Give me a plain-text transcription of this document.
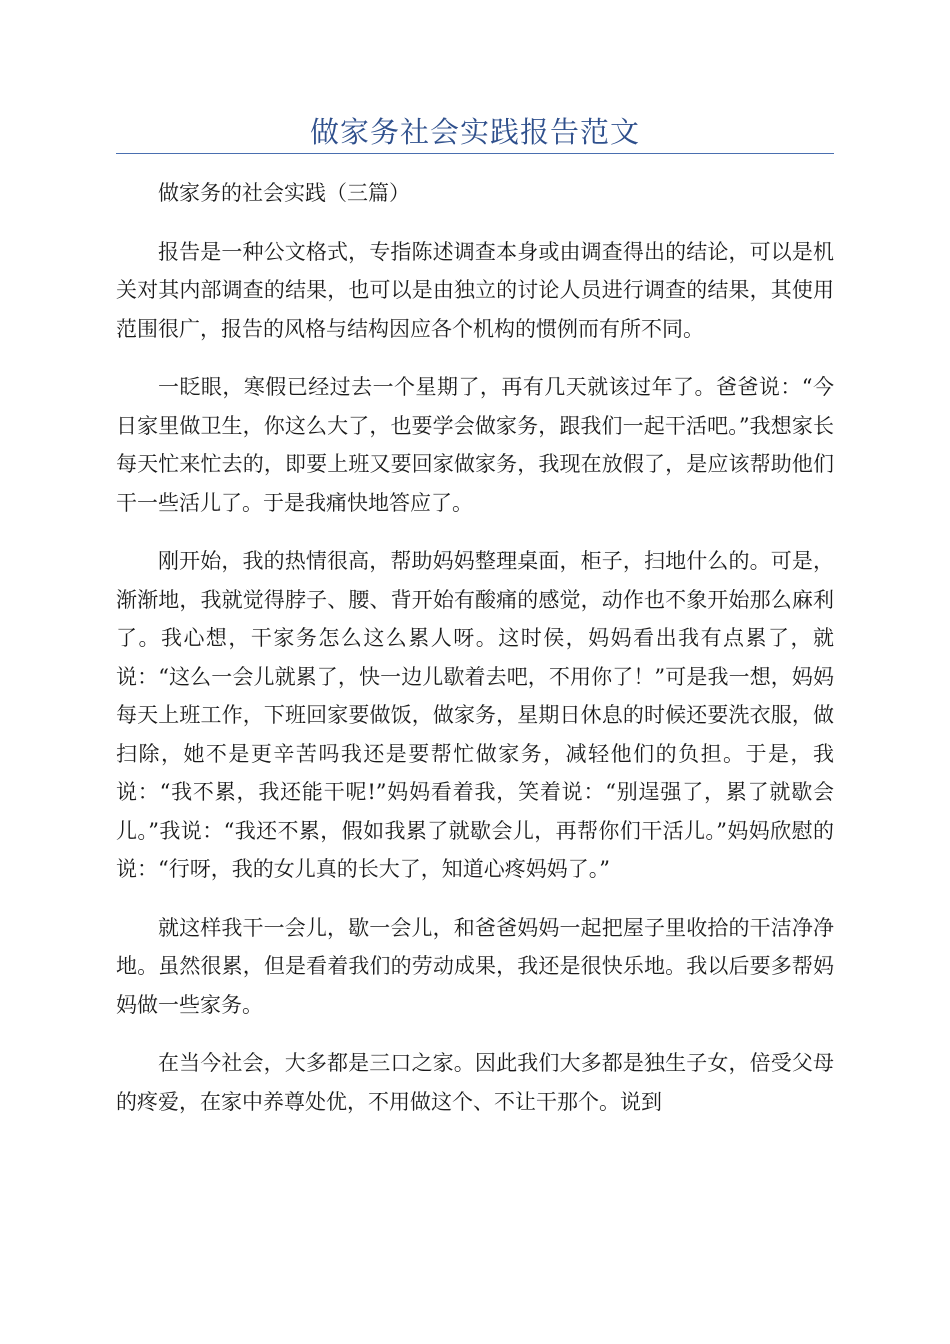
做家务社会实践报告范文

做家务的社会实践（三篇）

报告是一种公文格式，专指陈述调查本身或由调查得出的结论，可以是机关对其内部调查的结果，也可以是由独立的讨论人员进行调查的结果，其使用范围很广，报告的风格与结构因应各个机构的惯例而有所不同。

一眨眼，寒假已经过去一个星期了，再有几天就该过年了。爸爸说：“今日家里做卫生，你这么大了，也要学会做家务，跟我们一起干活吧。”我想家长每天忙来忙去的，即要上班又要回家做家务，我现在放假了，是应该帮助他们干一些活儿了。于是我痛快地答应了。

刚开始，我的热情很高，帮助妈妈整理桌面，柜子，扫地什么的。可是，渐渐地，我就觉得脖子、腰、背开始有酸痛的感觉，动作也不象开始那么麻利了。我心想，干家务怎么这么累人呀。这时侯，妈妈看出我有点累了，就说：“这么一会儿就累了，快一边儿歇着去吧，不用你了！”可是我一想，妈妈每天上班工作，下班回家要做饭，做家务，星期日休息的时候还要洗衣服，做扫除，她不是更辛苦吗我还是要帮忙做家务，减轻他们的负担。于是，我说：“我不累，我还能干呢!”妈妈看着我，笑着说：“别逞强了，累了就歇会儿。”我说：“我还不累，假如我累了就歇会儿，再帮你们干活儿。”妈妈欣慰的说：“行呀，我的女儿真的长大了，知道心疼妈妈了。”

就这样我干一会儿，歇一会儿，和爸爸妈妈一起把屋子里收拾的干洁净净地。虽然很累，但是看着我们的劳动成果，我还是很快乐地。我以后要多帮妈妈做一些家务。

在当今社会，大多都是三口之家。因此我们大多都是独生子女，倍受父母的疼爱，在家中养尊处优，不用做这个、不让干那个。说到
